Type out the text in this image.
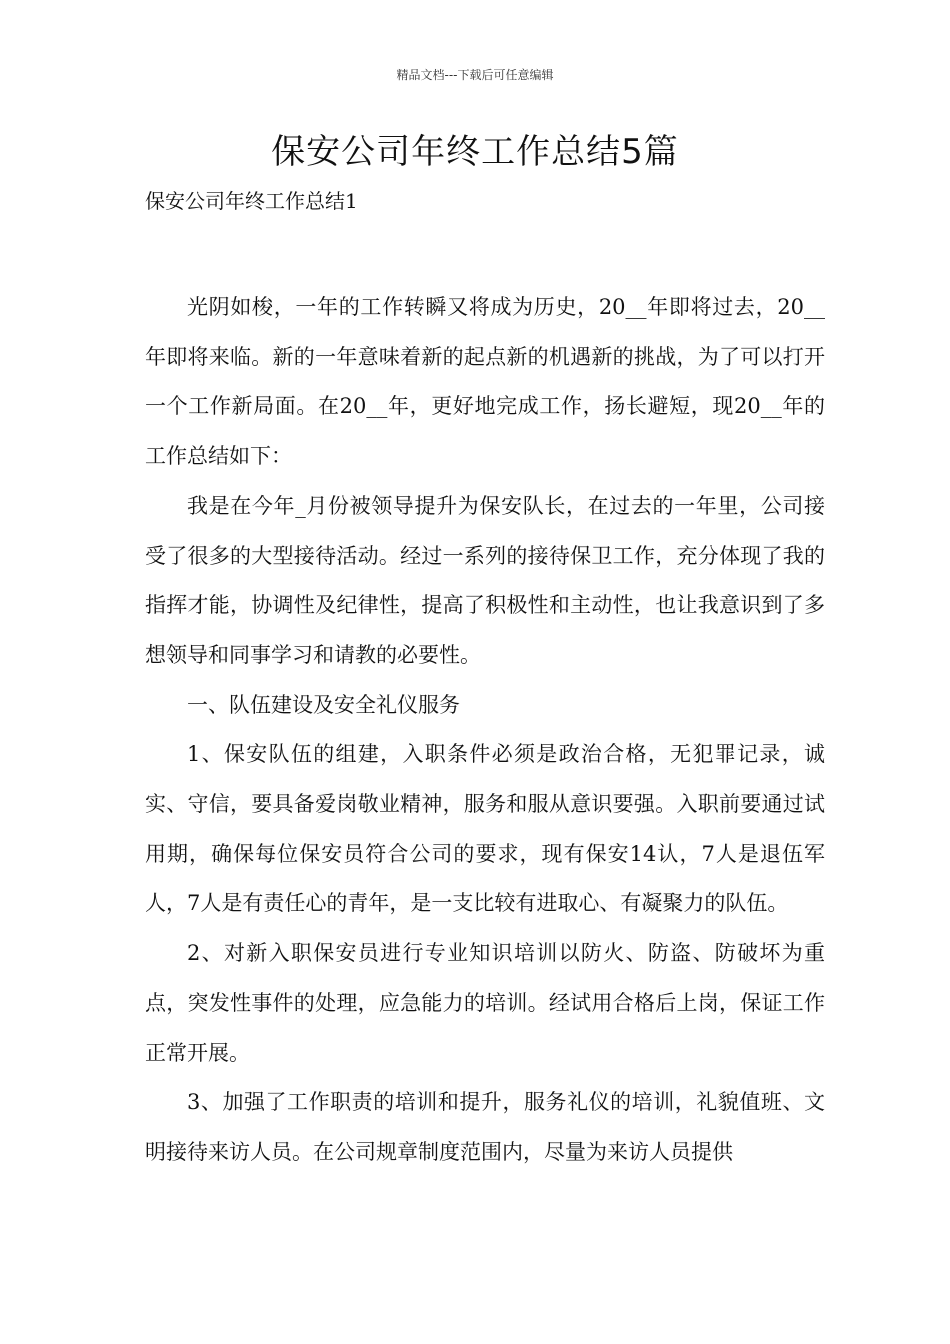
精品文档---下载后可任意编辑
保安公司年终工作总结5篇
保安公司年终工作总结1

光阴如梭，一年的工作转瞬又将成为历史，20__年即将过去，20__年即将来临。新的一年意味着新的起点新的机遇新的挑战，为了可以打开一个工作新局面。在20__年，更好地完成工作，扬长避短，现20__年的工作总结如下：

我是在今年_月份被领导提升为保安队长，在过去的一年里，公司接受了很多的大型接待活动。经过一系列的接待保卫工作，充分体现了我的指挥才能，协调性及纪律性，提高了积极性和主动性，也让我意识到了多想领导和同事学习和请教的必要性。

一、队伍建设及安全礼仪服务

1、保安队伍的组建，入职条件必须是政治合格，无犯罪记录，诚实、守信，要具备爱岗敬业精神，服务和服从意识要强。入职前要通过试用期，确保每位保安员符合公司的要求，现有保安14认，7人是退伍军人，7人是有责任心的青年，是一支比较有进取心、有凝聚力的队伍。

2、对新入职保安员进行专业知识培训以防火、防盗、防破坏为重点，突发性事件的处理，应急能力的培训。经试用合格后上岗，保证工作正常开展。

3、加强了工作职责的培训和提升，服务礼仪的培训，礼貌值班、文明接待来访人员。在公司规章制度范围内，尽量为来访人员提供
